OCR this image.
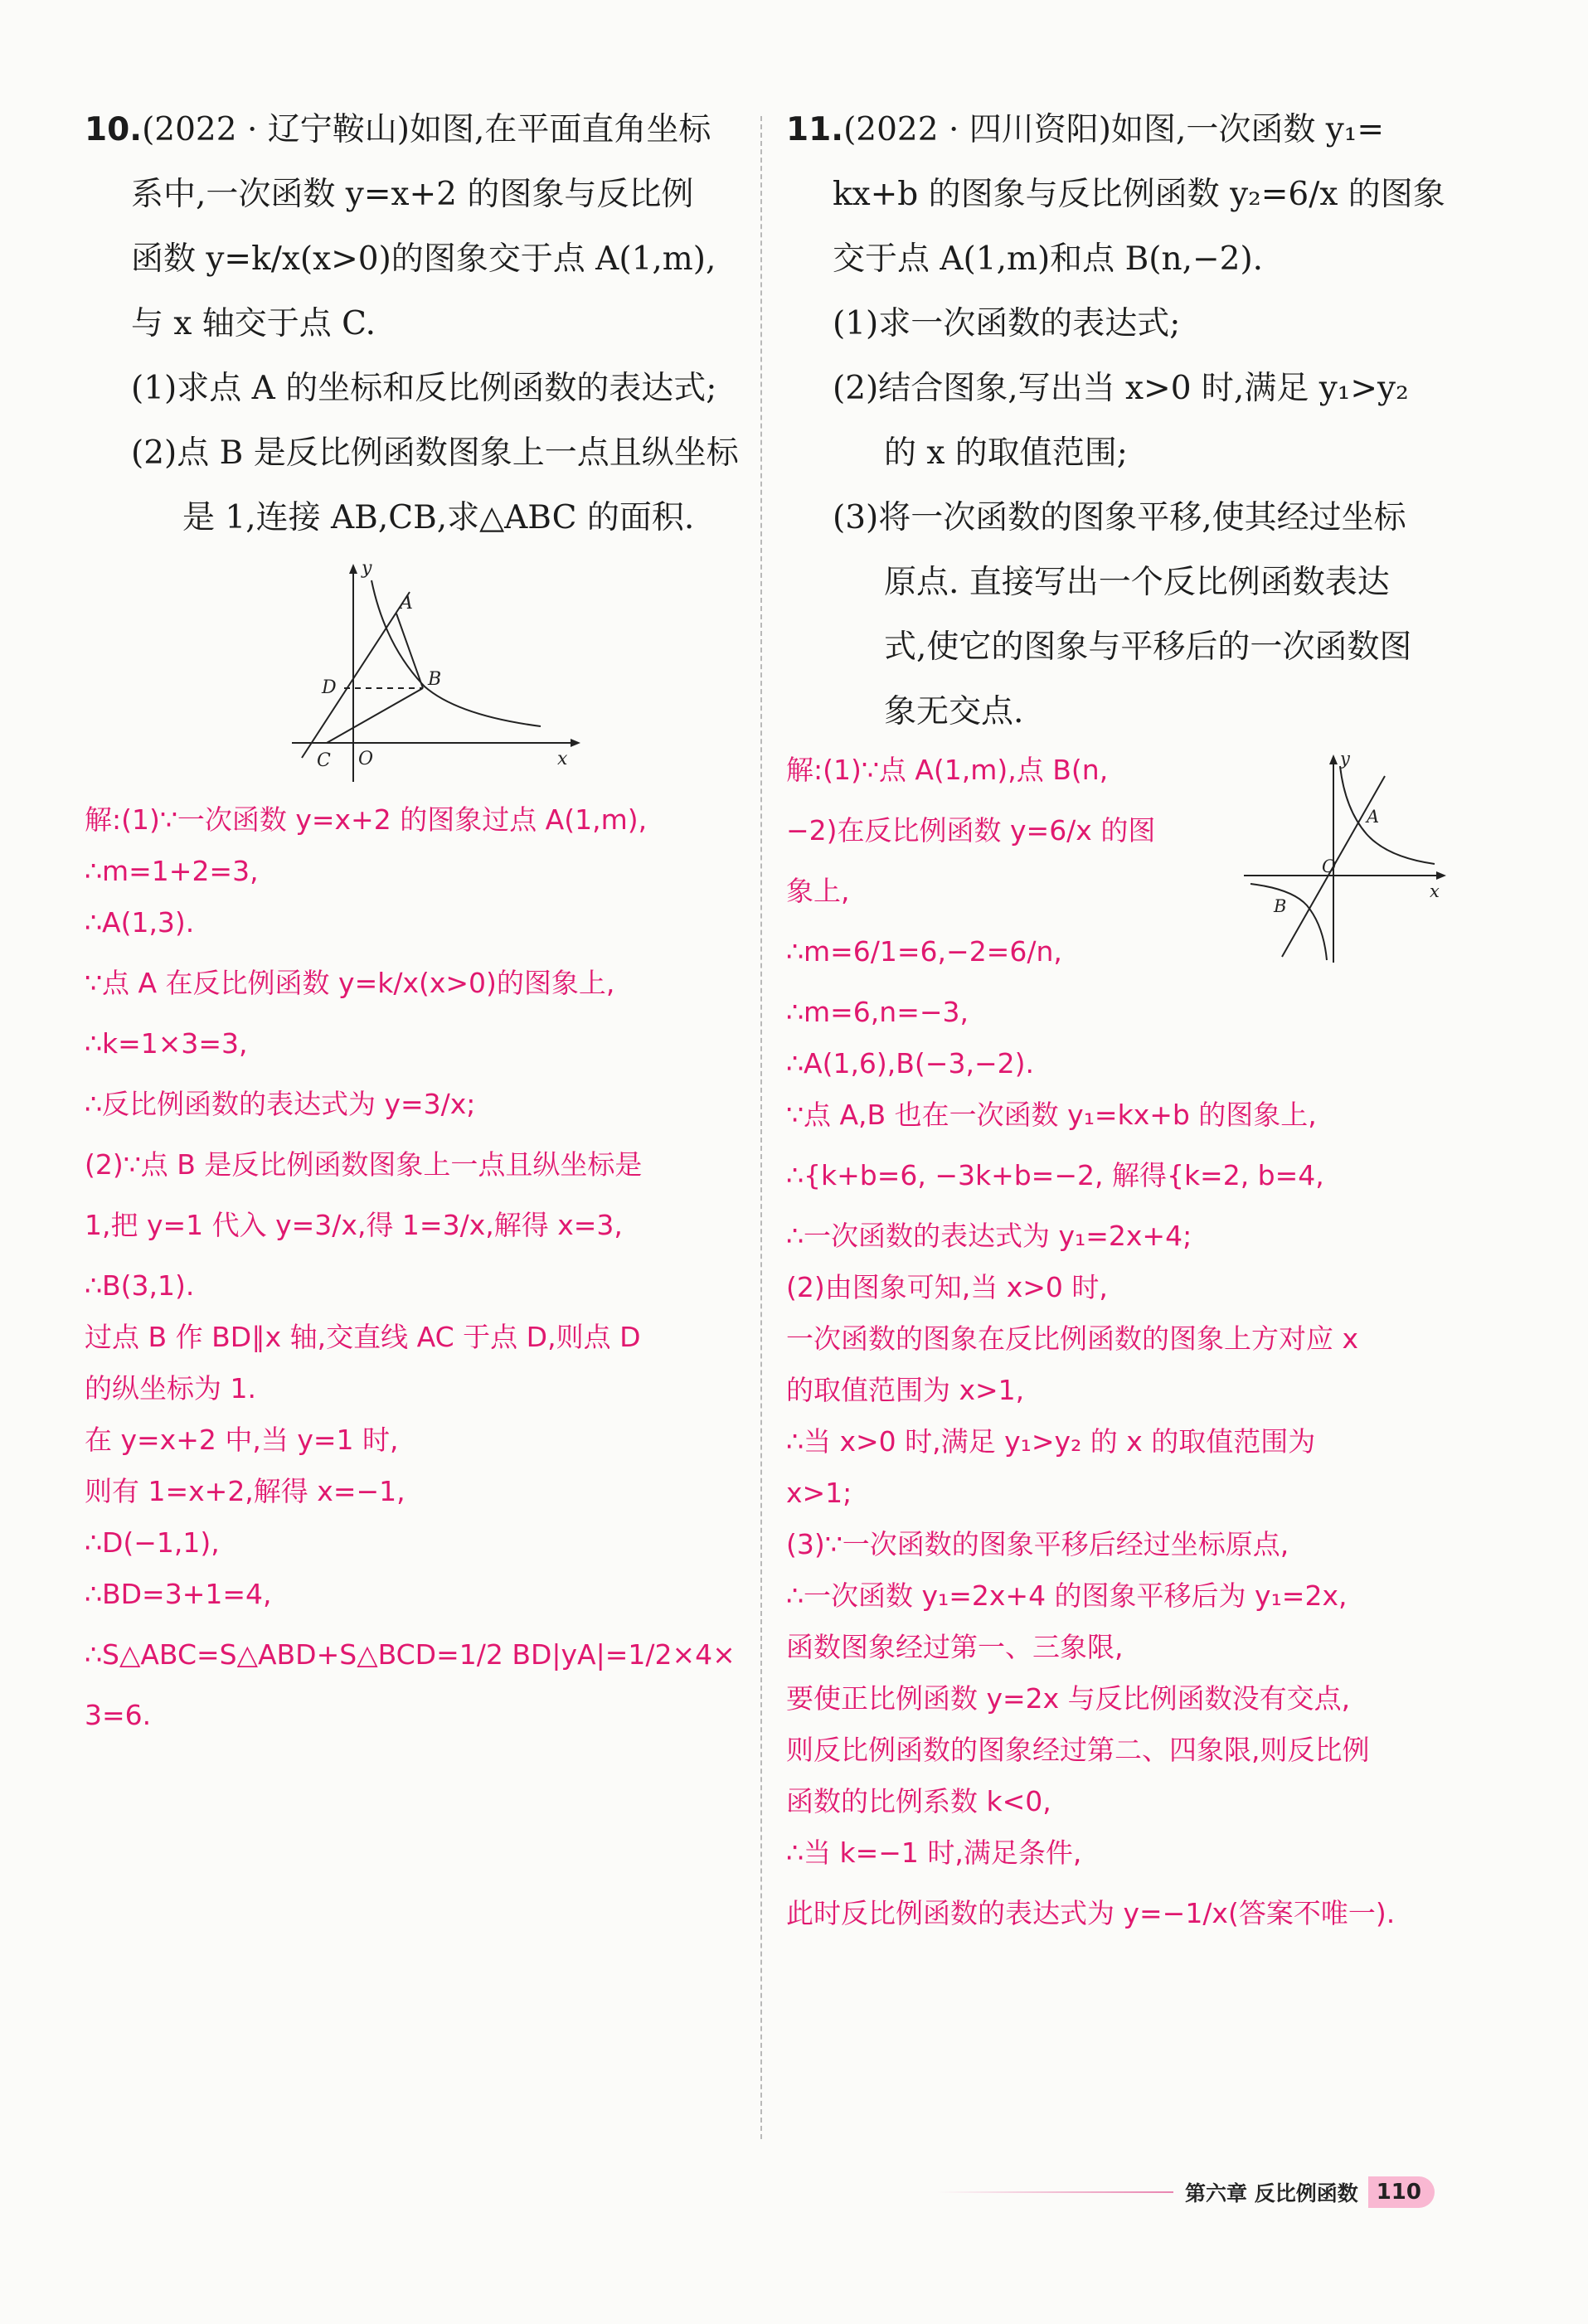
10.(2022 · 辽宁鞍山)如图,在平面直角坐标

系中,一次函数 y=x+2 的图象与反比例

函数 y=k/x(x>0)的图象交于点 A(1,m),

与 x 轴交于点 C.

(1)求点 A 的坐标和反比例函数的表达式;

(2)点 B 是反比例函数图象上一点且纵坐标

是 1,连接 AB,CB,求△ABC 的面积.

y
x
A
B
C
D
O

解:(1)∵一次函数 y=x+2 的图象过点 A(1,m),

∴m=1+2=3,

∴A(1,3).

∵点 A 在反比例函数 y=k/x(x>0)的图象上,

∴k=1×3=3,

∴反比例函数的表达式为 y=3/x;

(2)∵点 B 是反比例函数图象上一点且纵坐标是

1,把 y=1 代入 y=3/x,得 1=3/x,解得 x=3,

∴B(3,1).

过点 B 作 BD∥x 轴,交直线 AC 于点 D,则点 D

的纵坐标为 1.

在 y=x+2 中,当 y=1 时,

则有 1=x+2,解得 x=−1,

∴D(−1,1),

∴BD=3+1=4,

∴S△ABC=S△ABD+S△BCD=1/2 BD|yA|=1/2×4×

3=6.

11.(2022 · 四川资阳)如图,一次函数 y₁=

kx+b 的图象与反比例函数 y₂=6/x 的图象

交于点 A(1,m)和点 B(n,−2).

(1)求一次函数的表达式;

(2)结合图象,写出当 x>0 时,满足 y₁>y₂

的 x 的取值范围;

(3)将一次函数的图象平移,使其经过坐标

原点. 直接写出一个反比例函数表达

式,使它的图象与平移后的一次函数图

象无交点.

y
x
A
B
O

解:(1)∵点 A(1,m),点 B(n,

−2)在反比例函数 y=6/x 的图

象上,

∴m=6/1=6,−2=6/n,

∴m=6,n=−3,

∴A(1,6),B(−3,−2).

∵点 A,B 也在一次函数 y₁=kx+b 的图象上,

∴{k+b=6, −3k+b=−2, 解得{k=2, b=4,

∴一次函数的表达式为 y₁=2x+4;

(2)由图象可知,当 x>0 时,

一次函数的图象在反比例函数的图象上方对应 x

的取值范围为 x>1,

∴当 x>0 时,满足 y₁>y₂ 的 x 的取值范围为

x>1;

(3)∵一次函数的图象平移后经过坐标原点,

∴一次函数 y₁=2x+4 的图象平移后为 y₁=2x,

函数图象经过第一、三象限,

要使正比例函数 y=2x 与反比例函数没有交点,

则反比例函数的图象经过第二、四象限,则反比例

函数的比例系数 k<0,

∴当 k=−1 时,满足条件,

此时反比例函数的表达式为 y=−1/x(答案不唯一).

第六章 反比例函数 110
